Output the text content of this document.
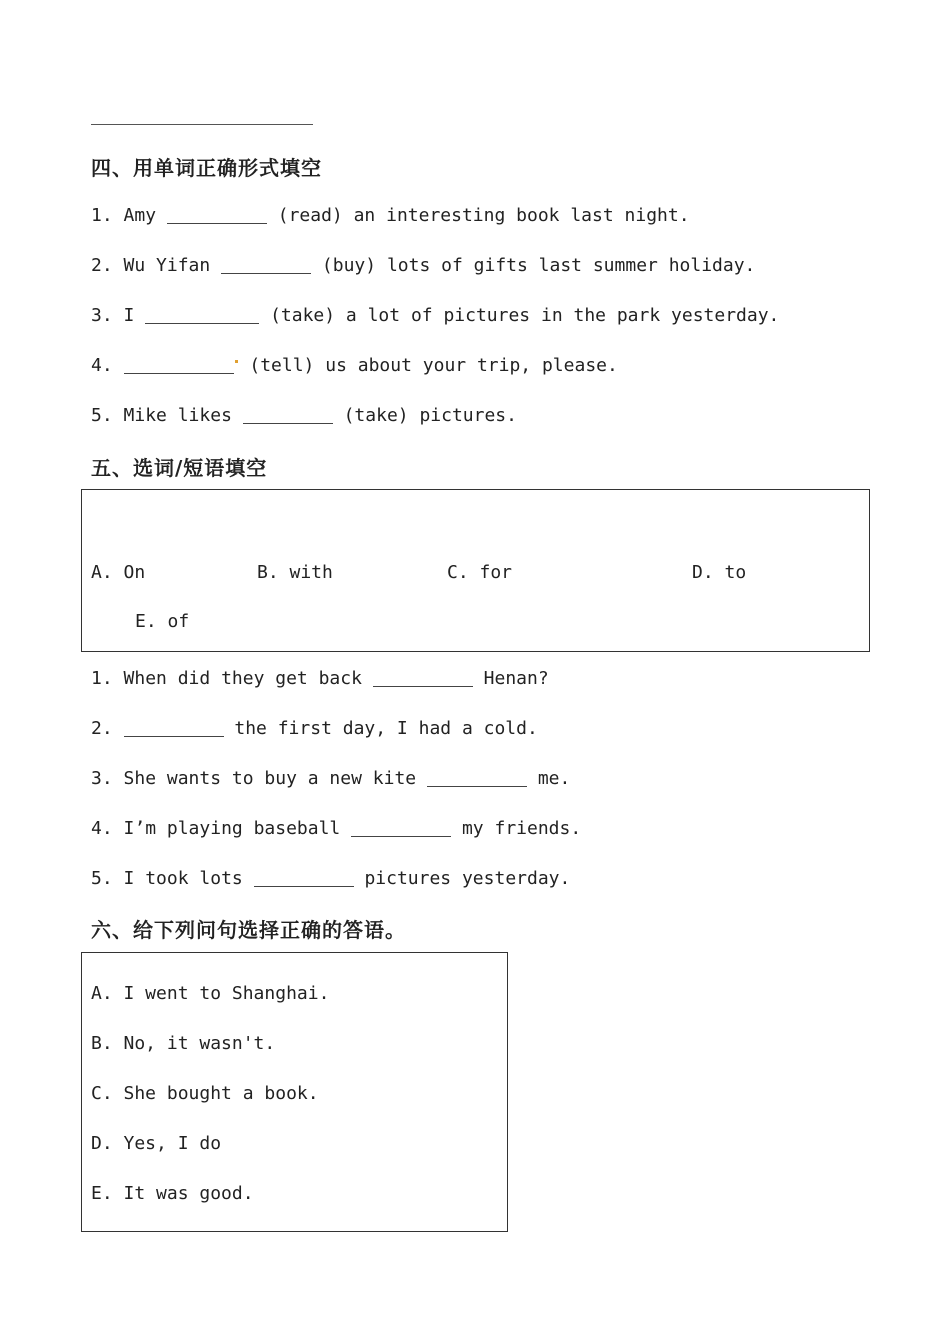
四、用单词正确形式填空
1. Amy	(read) an interesting book last night.
2. Wu Yifan	(buy) lots of gifts last summer holiday.
3. I	(take) a lot of pictures in the park yesterday.
4.	(tell) us about your trip, please.
5. Mike likes	(take) pictures.
五、选词/短语填空
A. On	B. with	C. for	D. to
E. of
1. When did they get back	Henan?
2.	the first day, I had a cold.
3. She wants to buy a new kite	me.
4. I’m playing baseball	my friends.
5. I took lots	pictures yesterday.
六、给下列问句选择正确的答语。
A. I went to Shanghai.
B. No, it wasn't.
C. She bought a book.
D. Yes, I do
E. It was good.
